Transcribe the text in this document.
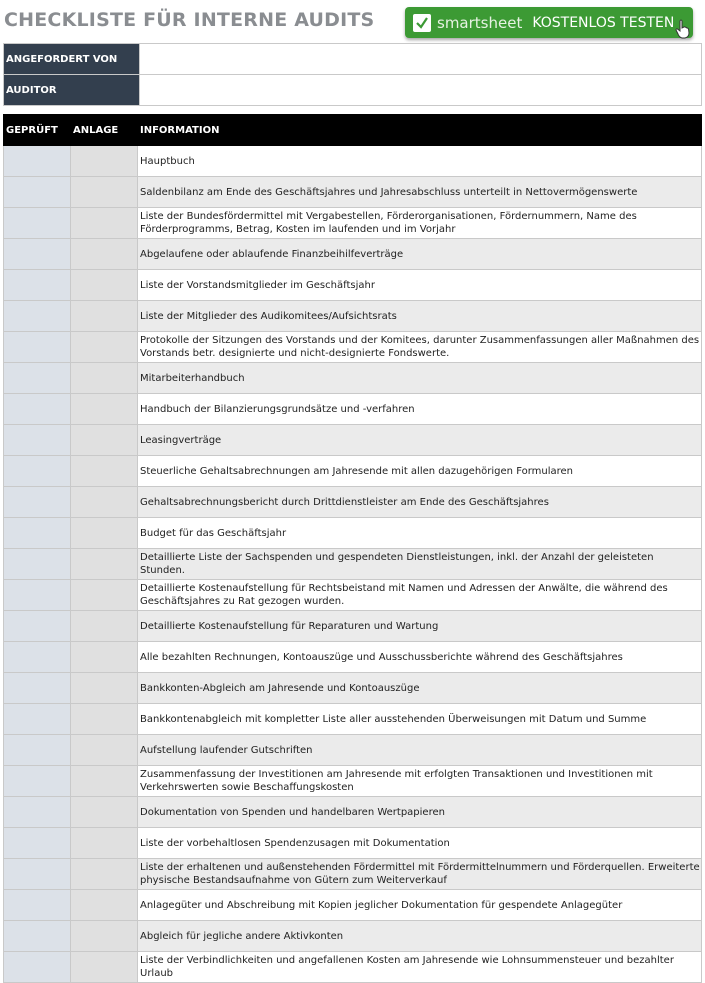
CHECKLISTE FÜR INTERNE AUDITS	smartsheet KOSTENLOS TESTEN
ANGEFORDERT VON	
AUDITOR	
GEPRÜFT	ANLAGE	INFORMATION
		Hauptbuch
		Saldenbilanz am Ende des Geschäftsjahres und Jahresabschluss unterteilt in Nettovermögenswerte
		Liste der Bundesfördermittel mit Vergabestellen, Förderorganisationen, Fördernummern, Name des Förderprogramms, Betrag, Kosten im laufenden und im Vorjahr
		Abgelaufene oder ablaufende Finanzbeihilfeverträge
		Liste der Vorstandsmitglieder im Geschäftsjahr
		Liste der Mitglieder des Audikomitees/Aufsichtsrats
		Protokolle der Sitzungen des Vorstands und der Komitees, darunter Zusammenfassungen aller Maßnahmen des Vorstands betr. designierte und nicht-designierte Fondswerte.
		Mitarbeiterhandbuch
		Handbuch der Bilanzierungsgrundsätze und -verfahren
		Leasingverträge
		Steuerliche Gehaltsabrechnungen am Jahresende mit allen dazugehörigen Formularen
		Gehaltsabrechnungsbericht durch Drittdienstleister am Ende des Geschäftsjahres
		Budget für das Geschäftsjahr
		Detaillierte Liste der Sachspenden und gespendeten Dienstleistungen, inkl. der Anzahl der geleisteten Stunden.
		Detaillierte Kostenaufstellung für Rechtsbeistand mit Namen und Adressen der Anwälte, die während des Geschäftsjahres zu Rat gezogen wurden.
		Detaillierte Kostenaufstellung für Reparaturen und Wartung
		Alle bezahlten Rechnungen, Kontoauszüge und Ausschussberichte während des Geschäftsjahres
		Bankkonten-Abgleich am Jahresende und Kontoauszüge
		Bankkontenabgleich mit kompletter Liste aller ausstehenden Überweisungen mit Datum und Summe
		Aufstellung laufender Gutschriften
		Zusammenfassung der Investitionen am Jahresende mit erfolgten Transaktionen und Investitionen mit Verkehrswerten sowie Beschaffungskosten
		Dokumentation von Spenden und handelbaren Wertpapieren
		Liste der vorbehaltlosen Spendenzusagen mit Dokumentation
		Liste der erhaltenen und außenstehenden Fördermittel mit Fördermittelnummern und Förderquellen. Erweiterte physische Bestandsaufnahme von Gütern zum Weiterverkauf
		Anlagegüter und Abschreibung mit Kopien jeglicher Dokumentation für gespendete Anlagegüter
		Abgleich für jegliche andere Aktivkonten
		Liste der Verbindlichkeiten und angefallenen Kosten am Jahresende wie Lohnsummensteuer und bezahlter Urlaub
